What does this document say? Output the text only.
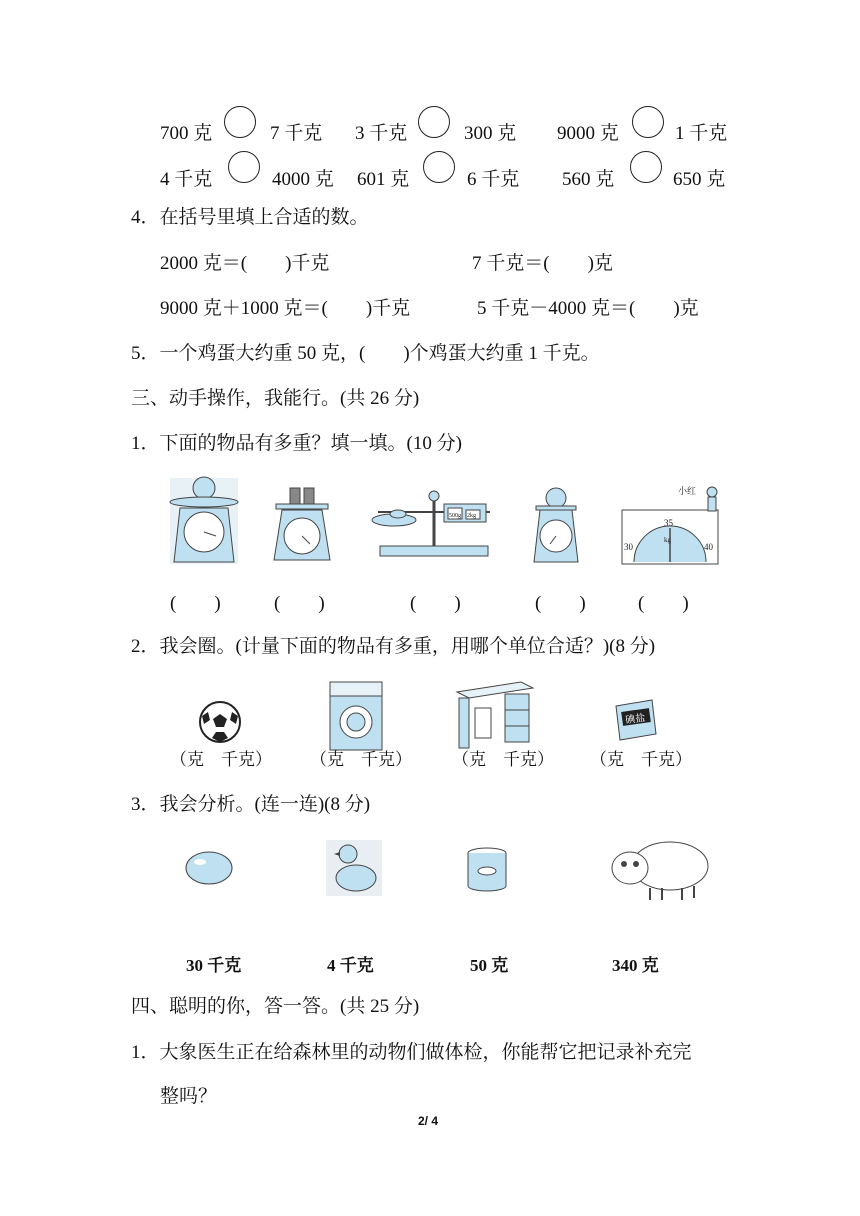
700 克	7 千克 3 千克	300 克 9000 克	1 千克
4 千克	4000 克 601 克	6 千克 560 克	650 克
4．在括号里填上合适的数。
2000 克＝(　　)千克	7 千克＝(　　)克
9000 克＋1000 克＝(　　)千克	5 千克－4000 克＝(　　)克
5．一个鸡蛋大约重 50 克，(　　)个鸡蛋大约重 1 千克。
三、动手操作，我能行。(共 26 分)
1．下面的物品有多重？填一填。(10 分)
500g 2kg
35
30	40
kg
小红
(　　)	(　　)	(　　)	(　　)	(　　)
2．我会圈。(计量下面的物品有多重，用哪个单位合适？)(8 分)
碘盐
（克　千克） （克　千克） （克　千克） （克　千克）
3．我会分析。(连一连)(8 分)
30 千克	4 千克	50 克	340 克
四、聪明的你，答一答。(共 25 分)
1．大象医生正在给森林里的动物们做体检，你能帮它把记录补充完
整吗？
2/ 4
